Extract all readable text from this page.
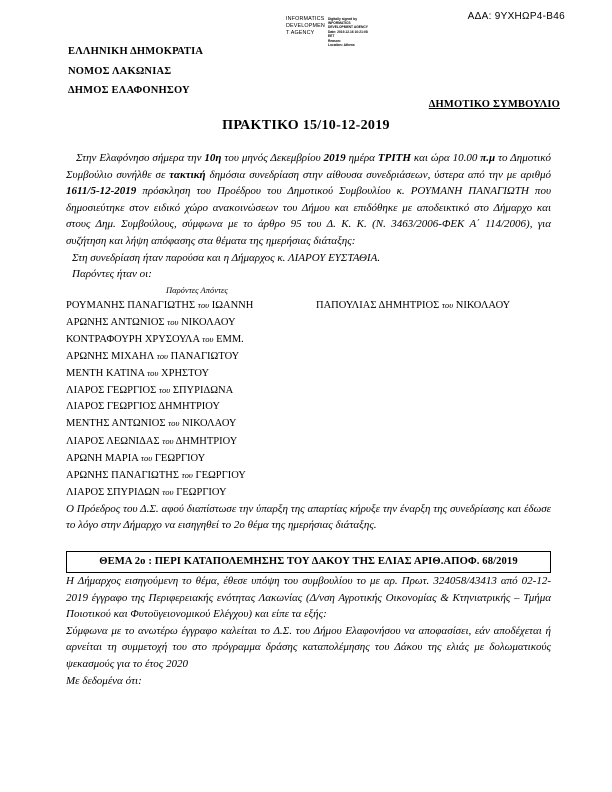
INFORMATICS
DEVELOPMEN
T AGENCY
Digitally signed by
INFORMATICS
DEVELOPMENT AGENCY
Date: 2019.12.16 10:21:08
EET
Reason:
Location: Athens
ΑΔΑ: 9ΥΧΗΩΡ4-Β46
ΕΛΛΗΝΙΚΗ ΔΗΜΟΚΡΑΤΙΑ
ΝΟΜΟΣ ΛΑΚΩΝΙΑΣ
ΔΗΜΟΣ ΕΛΑΦΟΝΗΣΟΥ
ΔΗΜΟΤΙΚΟ ΣΥΜΒΟΥΛΙΟ
ΠΡΑΚΤΙΚΟ 15/10-12-2019

Στην Ελαφόνησο σήμερα την 10η του μηνός Δεκεμβρίου 2019 ημέρα ΤΡΙΤΗ και ώρα 10.00 π.μ το Δημοτικό Συμβούλιο συνήλθε σε τακτική δημόσια συνεδρίαση στην αίθουσα συνεδριάσεων, ύστερα από την με αριθμό 1611/5-12-2019 πρόσκληση του Προέδρου του Δημοτικού Συμβουλίου κ. ΡΟΥΜΑΝΗ ΠΑΝΑΓΙΩΤΗ που δημοσιεύτηκε στον ειδικό χώρο ανακοινώσεων του Δήμου και επιδόθηκε με αποδεικτικό στο Δήμαρχο και στους Δημ. Συμβούλους, σύμφωνα με το άρθρο 95 του Δ. Κ. Κ. (Ν. 3463/2006-ΦΕΚ Α΄ 114/2006), για συζήτηση και λήψη απόφασης στα θέματα της ημερήσιας διάταξης:

Στη συνεδρίαση ήταν παρούσα και η Δήμαρχος κ. ΛΙΑΡΟΥ ΕΥΣΤΑΘΙΑ.
Παρόντες ήταν οι:
Παρόντες Απόντες
ΡΟΥΜΑΝΗΣ ΠΑΝΑΓΙΩΤΗΣ του ΙΩΑΝΝΗ	ΠΑΠΟΥΛΙΑΣ ΔΗΜΗΤΡΙΟΣ του ΝΙΚΟΛΑΟΥ
ΑΡΩΝΗΣ ΑΝΤΩΝΙΟΣ του ΝΙΚΟΛΑΟΥ
ΚΟΝΤΡΑΦΟΥΡΗ ΧΡΥΣΟΥΛΑ του ΕΜΜ.
ΑΡΩΝΗΣ ΜΙΧΑΗΛ του ΠΑΝΑΓΙΩΤΟΥ
ΜΕΝΤΗ ΚΑΤΙΝΑ του ΧΡΗΣΤΟΥ
ΛΙΑΡΟΣ ΓΕΩΡΓΙΟΣ του ΣΠΥΡΙΔΩΝΑ
ΛΙΑΡΟΣ ΓΕΩΡΓΙΟΣ ΔΗΜΗΤΡΙΟΥ
ΜΕΝΤΗΣ ΑΝΤΩΝΙΟΣ του ΝΙΚΟΛΑΟΥ
ΛΙΑΡΟΣ ΛΕΩΝΙΔΑΣ του ΔΗΜΗΤΡΙΟΥ
ΑΡΩΝΗ ΜΑΡΙΑ του ΓΕΩΡΓΙΟΥ
ΑΡΩΝΗΣ ΠΑΝΑΓΙΩΤΗΣ του ΓΕΩΡΓΙΟΥ
ΛΙΑΡΟΣ ΣΠΥΡΙΔΩΝ του ΓΕΩΡΓΙΟΥ

Ο Πρόεδρος του Δ.Σ. αφού διαπίστωσε την ύπαρξη της απαρτίας κήρυξε την έναρξη της συνεδρίασης και έδωσε το λόγο στην Δήμαρχο να εισηγηθεί το 2ο θέμα της ημερήσιας διάταξης.

ΘΕΜΑ 2ο : ΠΕΡΙ ΚΑΤΑΠΟΛΕΜΗΣΗΣ ΤΟΥ ΔΑΚΟΥ ΤΗΣ ΕΛΙΑΣ ΑΡΙΘ.ΑΠΟΦ. 68/2019

Η Δήμαρχος εισηγούμενη το θέμα, έθεσε υπόψη του συμβουλίου το με αρ. Πρωτ. 324058/43413 από 02-12-2019 έγγραφο της Περιφερειακής ενότητας Λακωνίας (Δ/νση Αγροτικής Οικονομίας & Κτηνιατρικής – Τμήμα Ποιοτικού και Φυτοϋγειονομικού Ελέγχου) και είπε τα εξής:

Σύμφωνα με το ανωτέρω έγγραφο καλείται το Δ.Σ. του Δήμου Ελαφονήσου να αποφασίσει, εάν αποδέχεται ή αρνείται τη συμμετοχή του στο πρόγραμμα δράσης καταπολέμησης του Δάκου της ελιάς με δολωματικούς ψεκασμούς για το έτος 2020

Με δεδομένα ότι:
